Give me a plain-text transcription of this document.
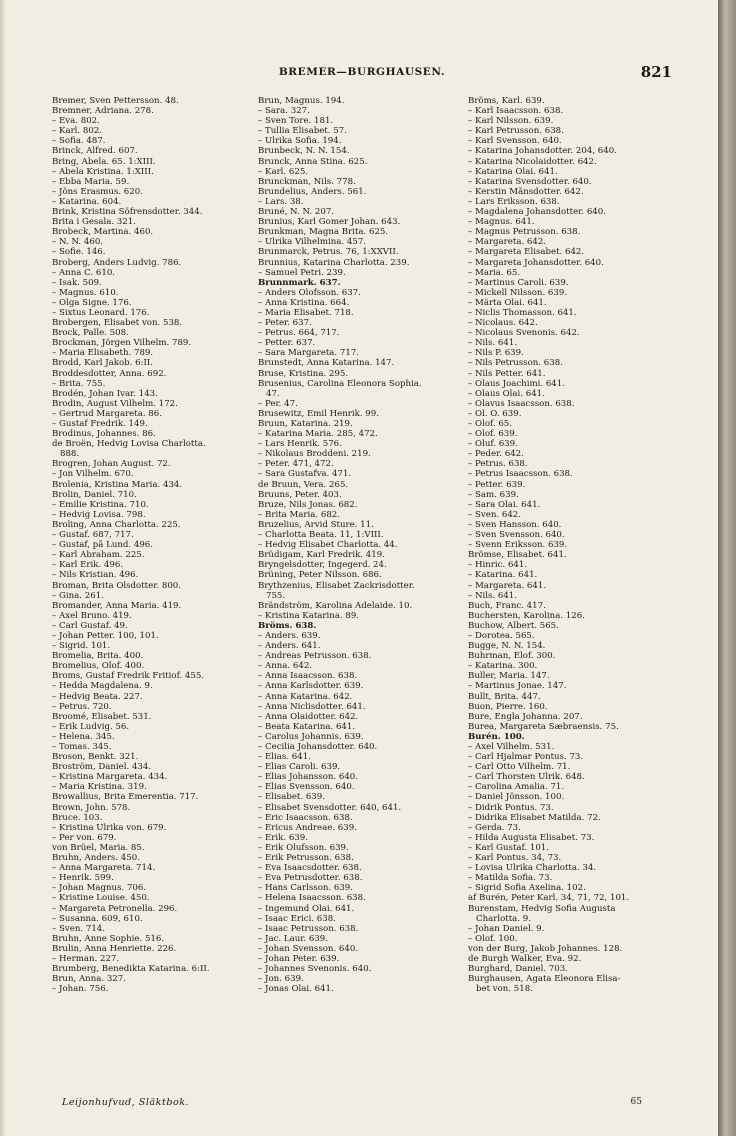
BREMER—BURGHAUSEN.	821
Bremer, Sven Pettersson. 48.
Bremner, Adriana. 278.
– Eva. 802.
– Karl. 802.
– Sofia. 487.
Brinck, Alfred. 607.
Bring, Abela. 65. 1:XIII.
– Abela Kristina. 1:XIII.
– Ebba Maria. 59.
– Jöns Erasmus. 620.
– Katarina. 604.
Brink, Kristina Söfrensdotter. 344.
Brita i Gesala. 321.
Brobeck, Martina. 460.
– N. N. 460.
– Sofie. 146.
Broberg, Anders Ludvig. 786.
– Anna C. 610.
– Isak. 509.
– Magnus. 610.
– Olga Signe. 176.
– Sixtus Leonard. 176.
Brobergen, Elisabet von. 538.
Brock, Palle. 508.
Brockman, Jörgen Vilhelm. 789.
– Maria Elisabeth. 789.
Brodd, Karl Jakob. 6:II.
Broddesdotter, Anna. 692.
– Brita. 755.
Brodén, Johan Ivar. 143.
Brodin, August Vilhelm. 172.
– Gertrud Margareta. 86.
– Gustaf Fredrik. 149.
Brodinus, Johannes. 86.
de Broën, Hedvig Lovisa Charlotta.
888.
Brogren, Johan August. 72.
– Jon Vilhelm. 670.
Brolenia, Kristina Maria. 434.
Brolin, Daniel. 710.
– Emilie Kristina. 710.
– Hedvig Lovisa. 798.
Broling, Anna Charlotta. 225.
– Gustaf. 687, 717.
– Gustaf, på Lund. 496.
– Karl Abraham. 225.
– Karl Erik. 496.
– Nils Kristian. 496.
Broman, Brita Olsdotter. 800.
– Gina. 261.
Bromander, Anna Maria. 419.
– Axel Bruno. 419.
– Carl Gustaf. 49.
– Johan Petter. 100, 101.
– Sigrid. 101.
Bromelia, Brita. 400.
Bromelius, Olof. 400.
Broms, Gustaf Fredrik Fritiof. 455.
– Hedda Magdalena. 9.
– Hedvig Beata. 227.
– Petrus. 720.
Broomé, Elisabet. 531.
– Erik Ludvig. 56.
– Helena. 345.
– Tomas. 345.
Broson, Benkt. 321.
Broström, Daniel. 434.
– Kristina Margareta. 434.
– Maria Kristina. 319.
Browallius, Brita Emerentia. 717.
Brown, John. 578.
Bruce. 103.
– Kristina Ulrika von. 679.
– Per von. 679.
von Brüel, Maria. 85.
Bruhn, Anders. 450.
– Anna Margareta. 714.
– Henrik. 599.
– Johan Magnus. 706.
– Kristine Louise. 450.
– Margareta Petronella. 296.
– Susanna. 609, 610.
– Sven. 714.
Bruhn, Anne Sophie. 516.
Brulin, Anna Henriette. 226.
– Herman. 227.
Brumberg, Benedikta Katarina. 6:II.
Brun, Anna. 327.
– Johan. 756.
Brun, Magnus. 194.
– Sara. 327.
– Sven Tore. 181.
– Tullia Elisabet. 57.
– Ulrika Sofia. 194.
Brunbeck, N. N. 154.
Brunck, Anna Stina. 625.
– Karl. 625.
Brunckman, Nils. 778.
Brundelius, Anders. 561.
– Lars. 38.
Bruné, N. N. 207.
Brunius, Karl Gomer Johan. 643.
Brunkman, Magna Brita. 625.
– Ulrika Vilhelmina. 457.
Brunmarck, Petrus. 76, 1:XXVII.
Brunnius, Katarina Charlotta. 239.
– Samuel Petri. 239.
Brunnmark. 637.
– Anders Olofsson. 637.
– Anna Kristina. 664.
– Maria Elisabet. 718.
– Peter. 637.
– Petrus. 664, 717.
– Petter. 637.
– Sara Margareta. 717.
Brunstedt, Anna Katarina. 147.
Bruse, Kristina. 295.
Brusenius, Carolina Eleonora Sophia.
47.
– Per. 47.
Brusewitz, Emil Henrik. 99.
Bruun, Katarina. 219.
– Katarina Maria. 285, 472.
– Lars Henrik. 576.
– Nikolaus Broddeni. 219.
– Peter. 471, 472.
– Sara Gustafva. 471.
de Bruun, Vera. 265.
Bruuns, Peter. 403.
Bruze, Nils Jonas. 682.
– Brita Maria. 682.
Bruzelius, Arvid Sture. 11.
– Charlotta Beata. 11, 1:VIII.
– Hedvig Elisabet Charlotta. 44.
Brüdigam, Karl Fredrik. 419.
Bryngelsdotter, Ingegerd. 24.
Brüning, Peter Nilsson. 686.
Brythzenius, Elisabet Zackrisdotter.
755.
Brändström, Karolina Adelaide. 10.
– Kristina Katarina. 89.
Bröms. 638.
– Anders. 639.
– Anders. 641.
– Andreas Petrusson. 638.
– Anna. 642.
– Anna Isaacsson. 638.
– Anna Karlsdotter. 639.
– Anna Katarina. 642.
– Anna Niclisdotter. 641.
– Anna Olaidotter. 642.
– Beata Katarina. 641.
– Carolus Johannis. 639.
– Cecilia Johansdotter. 640.
– Elias. 641.
– Elias Caroli. 639.
– Elias Johansson. 640.
– Elias Svensson. 640.
– Elisabet. 639.
– Elisabet Svensdotter. 640, 641.
– Eric Isaacsson. 638.
– Ericus Andreae. 639.
– Erik. 639.
– Erik Olufsson. 639.
– Erik Petrusson. 638.
– Eva Isaacsdotter. 638.
– Eva Petrusdotter. 638.
– Hans Carlsson. 639.
– Helena Isaacsson. 638.
– Ingemund Olai. 641.
– Isaac Erici. 638.
– Isaac Petrusson. 638.
– Jac. Laur. 639.
– Johan Svensson. 640.
– Johan Peter. 639.
– Johannes Svenonis. 640.
– Jon. 639.
– Jonas Olai. 641.
Bröms, Karl. 639.
– Karl Isaacsson. 638.
– Karl Nilsson. 639.
– Karl Petrusson. 638.
– Karl Svensson. 640.
– Katarina Johansdotter. 204, 640.
– Katarina Nicolaidotter. 642.
– Katarina Olai. 641.
– Katarina Svensdotter. 640.
– Kerstin Månsdotter. 642.
– Lars Eriksson. 638.
– Magdalena Johansdotter. 640.
– Magnus. 641.
– Magnus Petrusson. 638.
– Margareta. 642.
– Margareta Elisabet. 642.
– Margareta Johansdotter. 640.
– Maria. 65.
– Martinus Caroli. 639.
– Mickell Nilsson. 639.
– Märta Olai. 641.
– Niclis Thomasson. 641.
– Nicolaus. 642.
– Nicolaus Svenonis. 642.
– Nils. 641.
– Nils P. 639.
– Nils Petrusson. 638.
– Nils Petter. 641.
– Olaus Joachimi. 641.
– Olaus Olai. 641.
– Olavus Isaacsson. 638.
– Ol. O. 639.
– Olof. 65.
– Olof. 639.
– Oluf. 639.
– Peder. 642.
– Petrus. 638.
– Petrus Isaacsson. 638.
– Petter. 639.
– Sam. 639.
– Sara Olai. 641.
– Sven. 642.
– Sven Hansson. 640.
– Sven Svensson. 640.
– Svenn Eriksson. 639.
Brömse, Elisabet. 641.
– Hinric. 641.
– Katarina. 641.
– Margareta. 641.
– Nils. 641.
Buch, Franc. 417.
Buchersten, Karolina. 126.
Buchow, Albert. 565.
– Dorotea. 565.
Bugge, N. N. 154.
Buhrman, Elof. 300.
– Katarina. 300.
Buller, Maria. 147.
– Martinus Jonae. 147.
Bullt, Brita. 447.
Buon, Pierre. 160.
Bure, Engla Johanna. 207.
Burea, Margareta Sæbraensis. 75.
Burén. 100.
– Axel Vilhelm. 531.
– Carl Hjalmar Pontus. 73.
– Carl Otto Vilhelm. 71.
– Carl Thorsten Ulrik. 648.
– Carolina Amalia. 71.
– Daniel Jönsson. 100.
– Didrik Pontus. 73.
– Didrika Elisabet Matilda. 72.
– Gerda. 73.
– Hilda Augusta Elisabet. 73.
– Karl Gustaf. 101.
– Karl Pontus. 34, 73.
– Lovisa Ulrika Charlotta. 34.
– Matilda Sofia. 73.
– Sigrid Sofia Axelina. 102.
af Burén, Peter Karl. 34, 71, 72, 101.
Burenstam, Hedvig Sofia Augusta
Charlotta. 9.
– Johan Daniel. 9.
– Olof. 100.
von der Burg, Jakob Johannes. 128.
de Burgh Walker, Eva. 92.
Burghard, Daniel. 703.
Burghausen, Agata Eleonora Elisa-
bet von. 518.
Leijonhufvud, Släktbok.	65
